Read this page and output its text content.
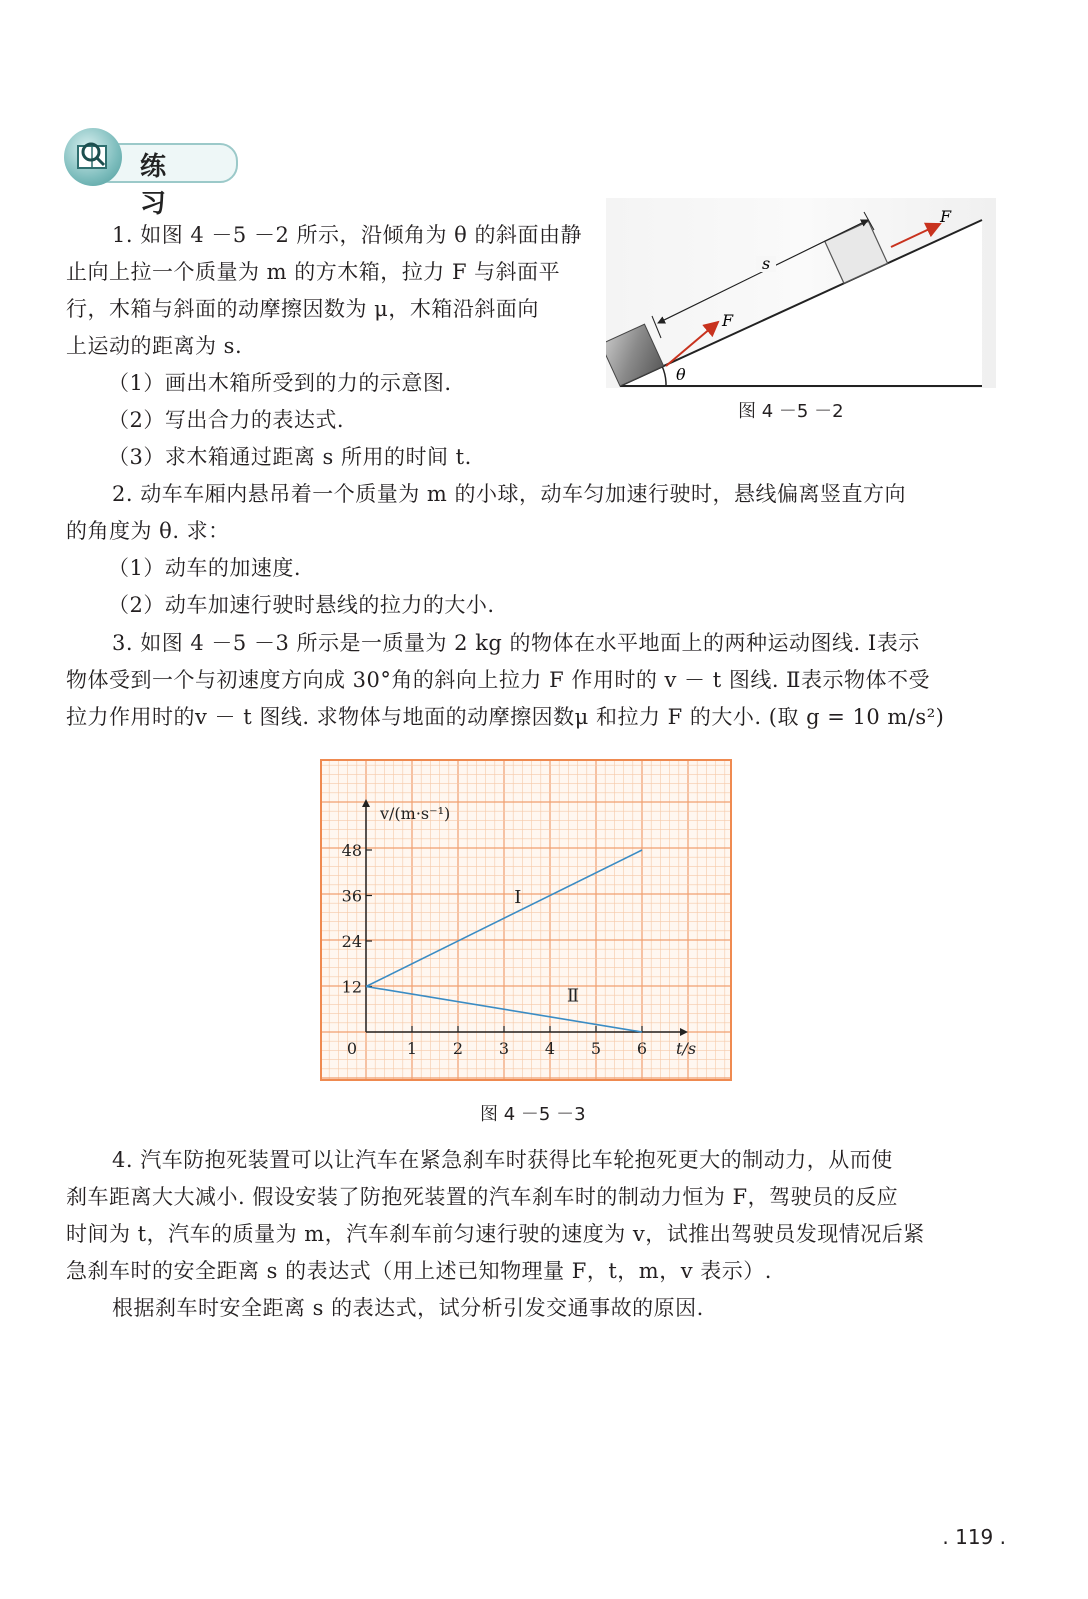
练 习
1. 如图 4 －5 －2 所示，沿倾角为 θ 的斜面由静
止向上拉一个质量为 m 的方木箱，拉力 F 与斜面平
行，木箱与斜面的动摩擦因数为 μ，木箱沿斜面向
上运动的距离为 s.
（1）画出木箱所受到的力的示意图.
（2）写出合力的表达式.
（3）求木箱通过距离 s 所用的时间 t.
θ
F
F
s
图 4 －5 －2
2. 动车车厢内悬吊着一个质量为 m 的小球，动车匀加速行驶时，悬线偏离竖直方向
的角度为 θ. 求：
（1）动车的加速度.
（2）动车加速行驶时悬线的拉力的大小.
3. 如图 4 －5 －3 所示是一质量为 2 kg 的物体在水平地面上的两种运动图线. Ⅰ表示
物体受到一个与初速度方向成 30°角的斜向上拉力 F 作用时的 v － t 图线. Ⅱ表示物体不受
拉力作用时的v － t 图线. 求物体与地面的动摩擦因数μ 和拉力 F 的大小. (取 g = 10 m/s²)
0	1 2 3 4 5 6
12
24
36
48
t/s
v/(m·s⁻¹)
Ⅰ
Ⅱ
图 4 －5 －3
4. 汽车防抱死装置可以让汽车在紧急刹车时获得比车轮抱死更大的制动力，从而使
刹车距离大大减小. 假设安装了防抱死装置的汽车刹车时的制动力恒为 F，驾驶员的反应
时间为 t，汽车的质量为 m，汽车刹车前匀速行驶的速度为 v，试推出驾驶员发现情况后紧
急刹车时的安全距离 s 的表达式（用上述已知物理量 F，t，m，v 表示）.
根据刹车时安全距离 s 的表达式，试分析引发交通事故的原因.
. 119 .
